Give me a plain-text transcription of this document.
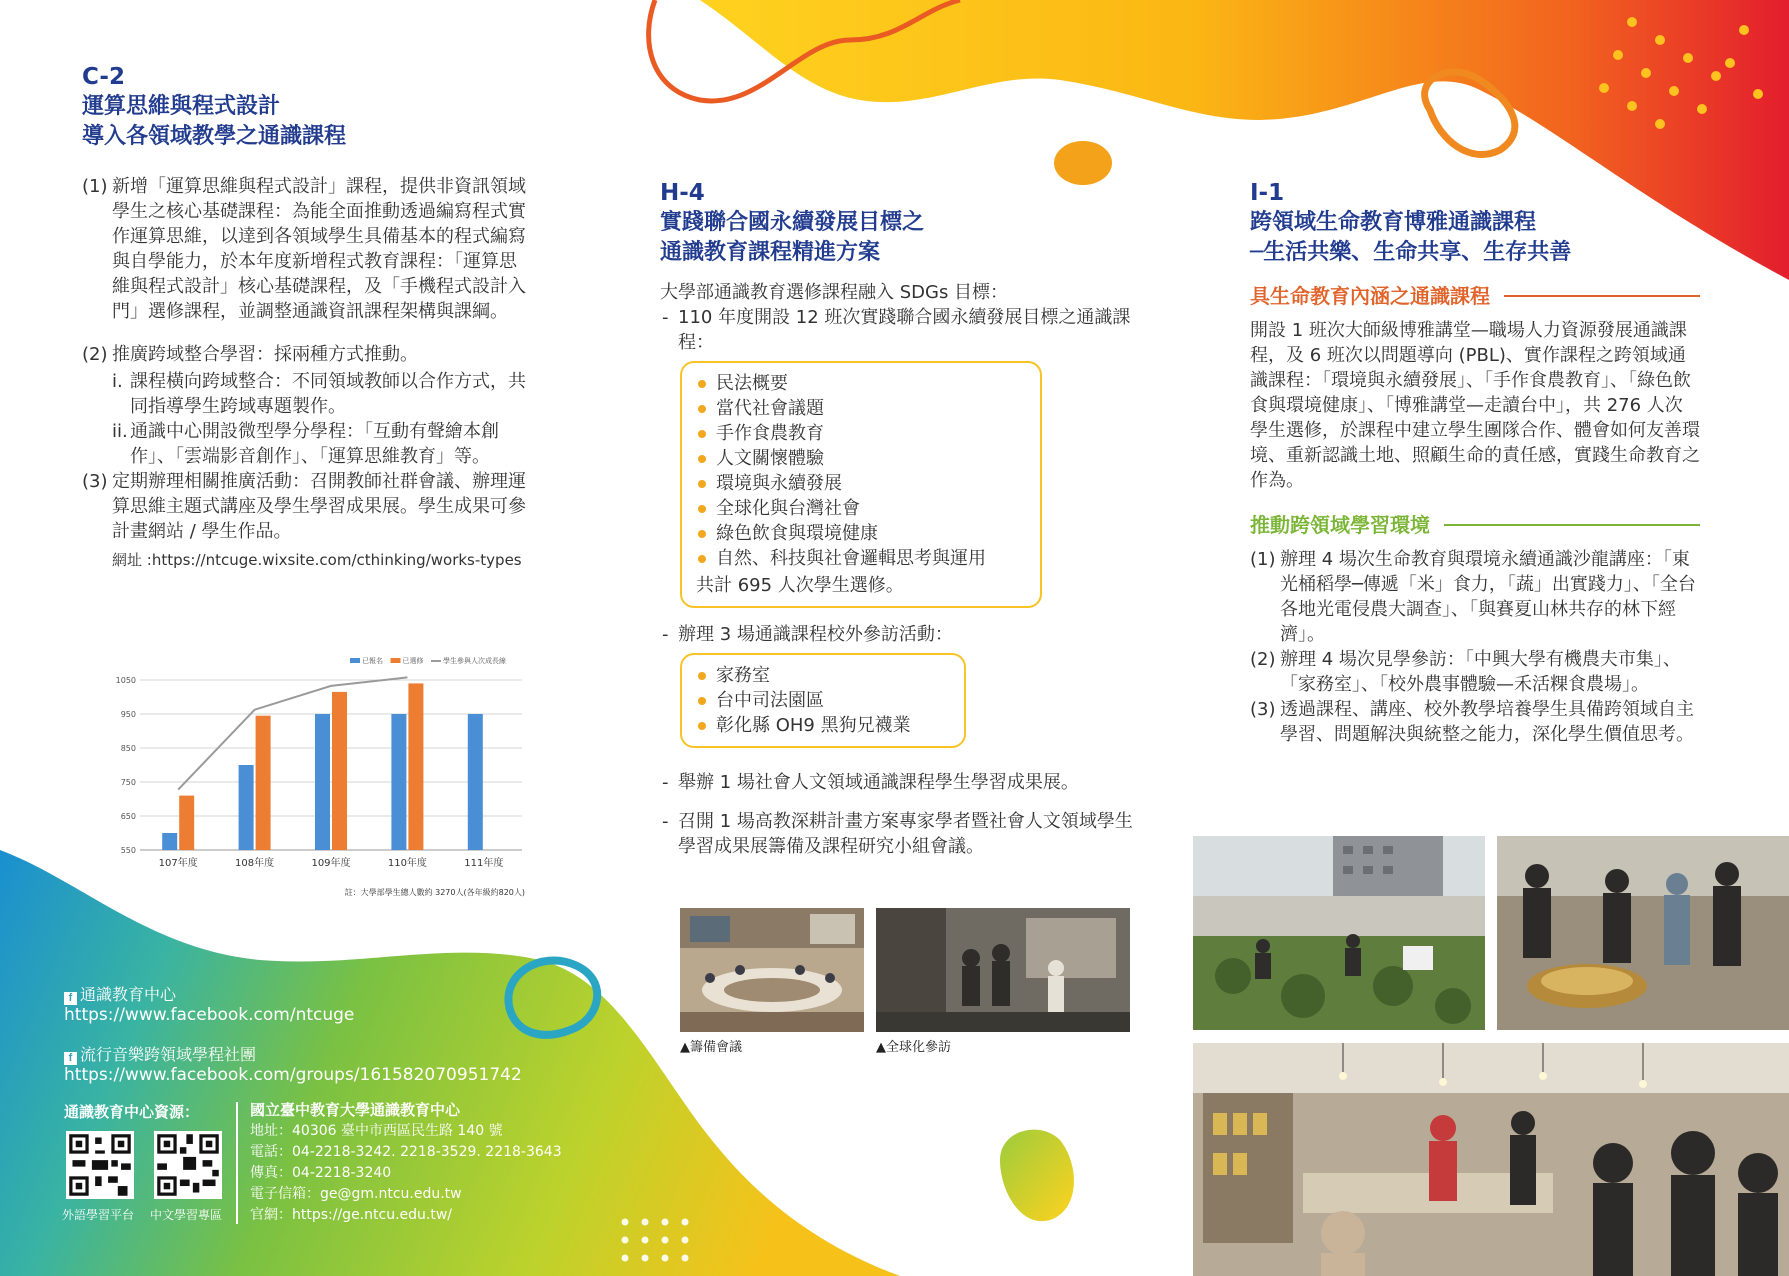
C-2
運算思維與程式設計
導入各領域教學之通識課程
(1) 新增「運算思維與程式設計」課程，提供非資訊領域學生之核心基礎課程：為能全面推動透過編寫程式實作運算思維，以達到各領域學生具備基本的程式編寫與自學能力，於本年度新增程式教育課程：「運算思維與程式設計」核心基礎課程，及「手機程式設計入門」選修課程，並調整通識資訊課程架構與課綱。
(2) 推廣跨域整合學習：採兩種方式推動。
i. 課程橫向跨域整合：不同領域教師以合作方式，共同指導學生跨域專題製作。
ii. 通識中心開設微型學分學程：「互動有聲繪本創作」、「雲端影音創作」、「運算思維教育」等。
(3) 定期辦理相關推廣活動：召開教師社群會議、辦理運算思維主題式講座及學生學習成果展。學生成果可參計畫網站 / 學生作品。
網址 :https://ntcuge.wixsite.com/cthinking/works-types
550
650
750
850
950
1050
107年度	108年度	109年度	110年度	111年度
已報名	已選修	學生參與人次成長線
註：大學部學生總人數約 3270人(各年級約820人)
H-4
實踐聯合國永續發展目標之
通識教育課程精進方案
大學部通識教育選修課程融入 SDGs 目標：
- 110 年度開設 12 班次實踐聯合國永續發展目標之通識課程：
民法概要
當代社會議題
手作食農教育
人文關懷體驗
環境與永續發展
全球化與台灣社會
綠色飲食與環境健康
自然、科技與社會邏輯思考與運用
共計 695 人次學生選修。
- 辦理 3 場通識課程校外參訪活動：
家務室
台中司法園區
彰化縣 OH9 黑狗兄襪業
- 舉辦 1 場社會人文領域通識課程學生學習成果展。
- 召開 1 場高教深耕計畫方案專家學者暨社會人文領域學生學習成果展籌備及課程研究小組會議。
▲籌備會議	▲全球化參訪
I-1
跨領域生命教育博雅通識課程
─生活共樂、生命共享、生存共善
具生命教育內涵之通識課程
開設 1 班次大師級博雅講堂—職場人力資源發展通識課程，及 6 班次以問題導向 (PBL)、實作課程之跨領域通識課程：「環境與永續發展」、「手作食農教育」、「綠色飲食與環境健康」、「博雅講堂—走讀台中」，共 276 人次學生選修，於課程中建立學生團隊合作、體會如何友善環境、重新認識土地、照顧生命的責任感，實踐生命教育之作為。
推動跨領域學習環境
(1) 辦理 4 場次生命教育與環境永續通識沙龍講座：「東光桶稻學─傳遞「米」食力，「蔬」出實踐力」、「全台各地光電侵農大調查」、「與賽夏山林共存的林下經濟」。
(2) 辦理 4 場次見學參訪：「中興大學有機農夫市集」、「家務室」、「校外農事體驗—禾活粿食農場」。
(3) 透過課程、講座、校外教學培養學生具備跨領域自主學習、問題解決與統整之能力，深化學生價值思考。
f 通識教育中心
https://www.facebook.com/ntcuge
f 流行音樂跨領域學程社團
https://www.facebook.com/groups/161582070951742
通識教育中心資源：
外語學習平台 中文學習專區
國立臺中教育大學通識教育中心
地址：40306 臺中市西區民生路 140 號
電話：04-2218-3242. 2218-3529. 2218-3643
傳真：04-2218-3240
電子信箱：ge@gm.ntcu.edu.tw
官網：https://ge.ntcu.edu.tw/
